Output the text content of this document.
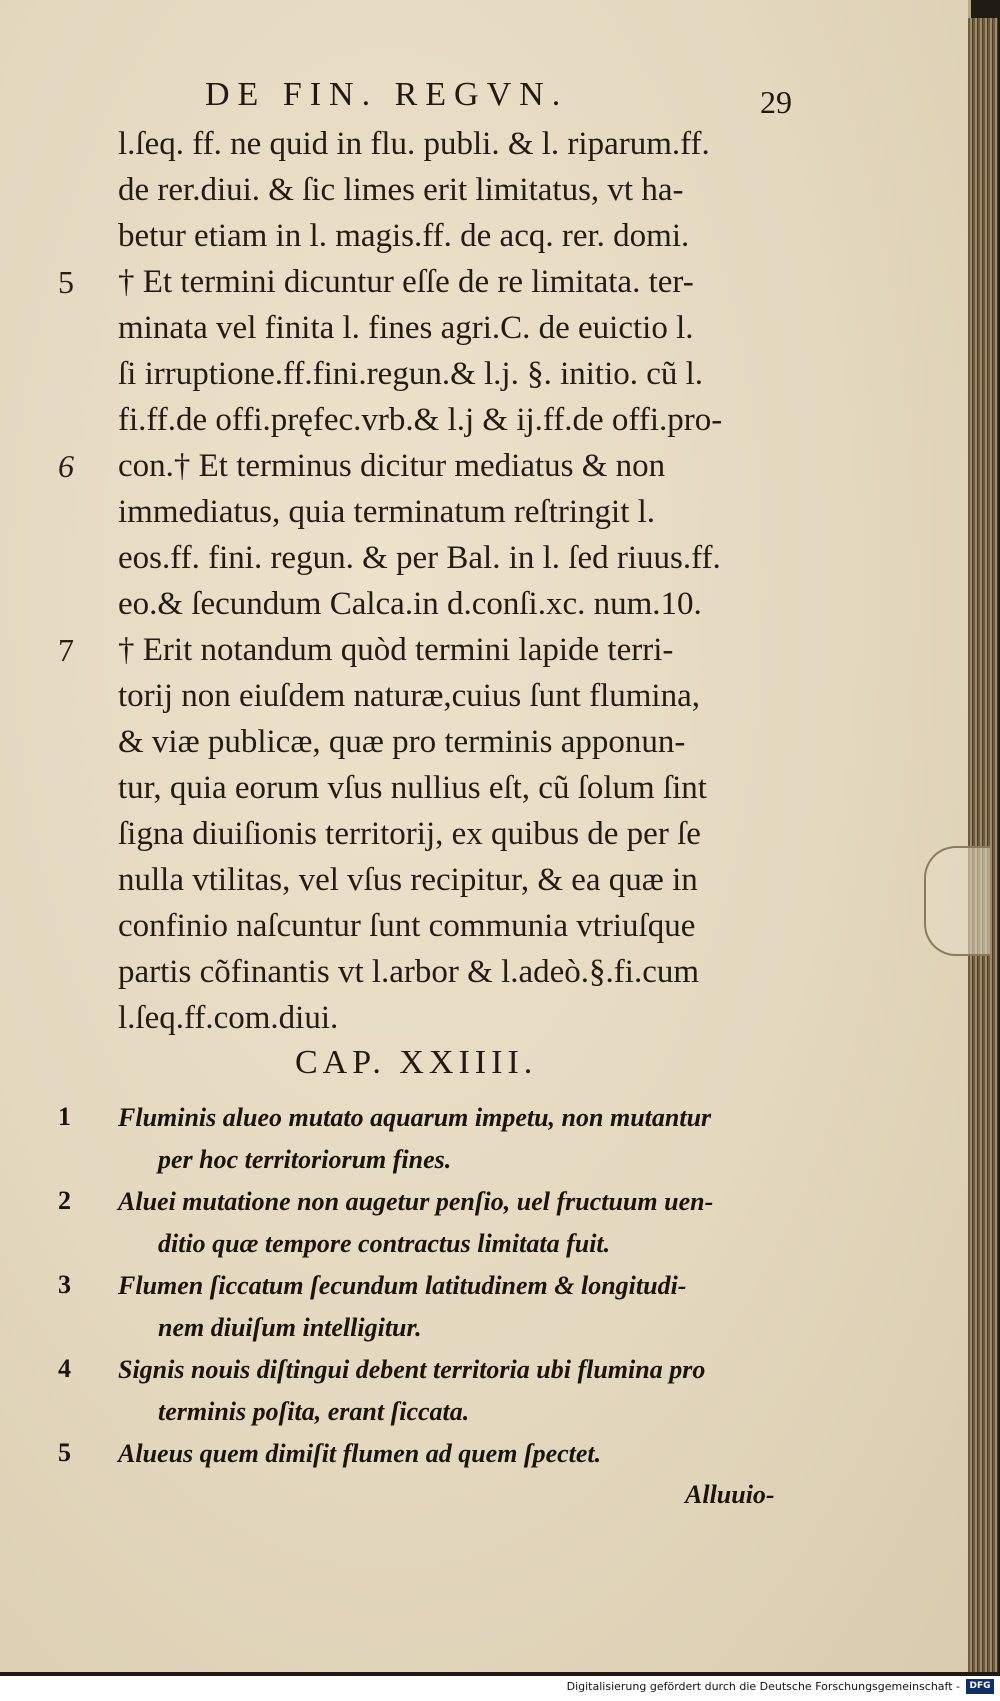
DE FIN. REGVN.	29
l.ſeq. ff. ne quid in flu. publi. & l. riparum.ff.
de rer.diui. & ſic limes erit limitatus, vt ha-
betur etiam in l. magis.ff. de acq. rer. domi.
† Et termini dicuntur eſſe de re limitata. ter-
minata vel finita l. fines agri.C. de euictio l.
ſi irruptione.ff.fini.regun.& l.j. §. initio. cũ l.
fi.ff.de offi.pręfec.vrb.& l.j & ij.ff.de offi.pro-
con.† Et terminus dicitur mediatus & non
immediatus, quia terminatum reſtringit l.
eos.ff. fini. regun. & per Bal. in l. ſed riuus.ff.
eo.& ſecundum Calca.in d.conſi.xc. num.10.
† Erit notandum quòd termini lapide terri-
torij non eiuſdem naturæ,cuius ſunt flumina,
& viæ publicæ, quæ pro terminis apponun-
tur, quia eorum vſus nullius eſt, cũ ſolum ſint
ſigna diuiſionis territorij, ex quibus de per ſe
nulla vtilitas, vel vſus recipitur, & ea quæ in
confinio naſcuntur ſunt communia vtriuſque
partis cõfinantis vt l.arbor & l.adeò.§.fi.cum
l.ſeq.ff.com.diui.
5
6
7
CAP. XXIIII.
1 Fluminis alueo mutato aquarum impetu, non mutantur
per hoc territoriorum fines.
2 Aluei mutatione non augetur penſio, uel fructuum uen-
ditio quæ tempore contractus limitata fuit.
3 Flumen ſiccatum ſecundum latitudinem & longitudi-
nem diuiſum intelligitur.
4 Signis nouis diſtingui debent territoria ubi flumina pro
terminis poſita, erant ſiccata.
5 Alueus quem dimiſit flumen ad quem ſpectet.
Alluuio-
Digitalisierung gefördert durch die Deutsche Forschungsgemeinschaft -	DFG
